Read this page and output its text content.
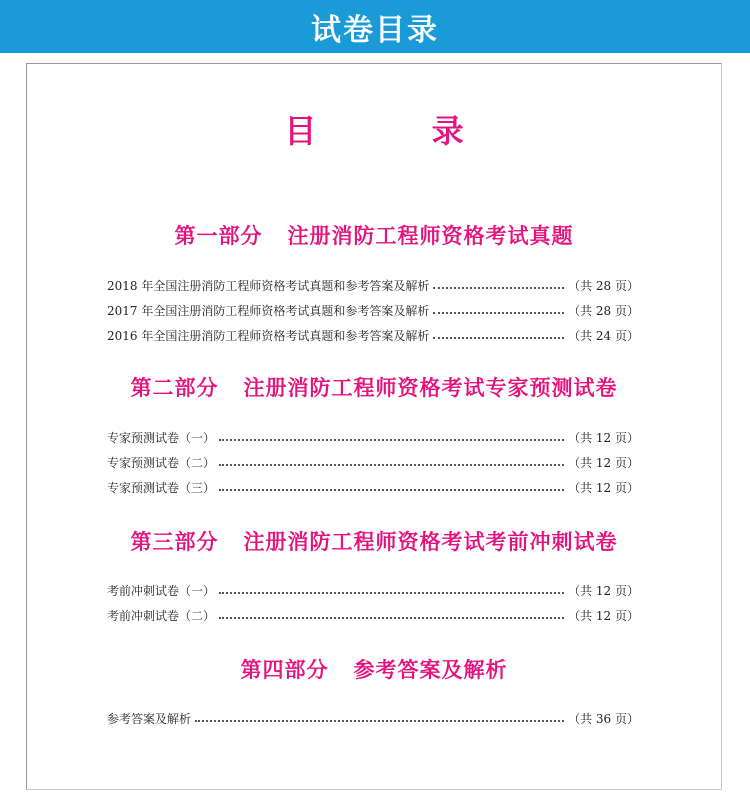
试卷目录
目 录
第一部分   注册消防工程师资格考试真题
2018 年全国注册消防工程师资格考试真题和参考答案及解析	（共 28 页）
2017 年全国注册消防工程师资格考试真题和参考答案及解析	（共 28 页）
2016 年全国注册消防工程师资格考试真题和参考答案及解析	（共 24 页）
第二部分   注册消防工程师资格考试专家预测试卷
专家预测试卷（一）	（共 12 页）
专家预测试卷（二）	（共 12 页）
专家预测试卷（三）	（共 12 页）
第三部分   注册消防工程师资格考试考前冲刺试卷
考前冲刺试卷（一）	（共 12 页）
考前冲刺试卷（二）	（共 12 页）
第四部分   参考答案及解析
参考答案及解析	（共 36 页）
